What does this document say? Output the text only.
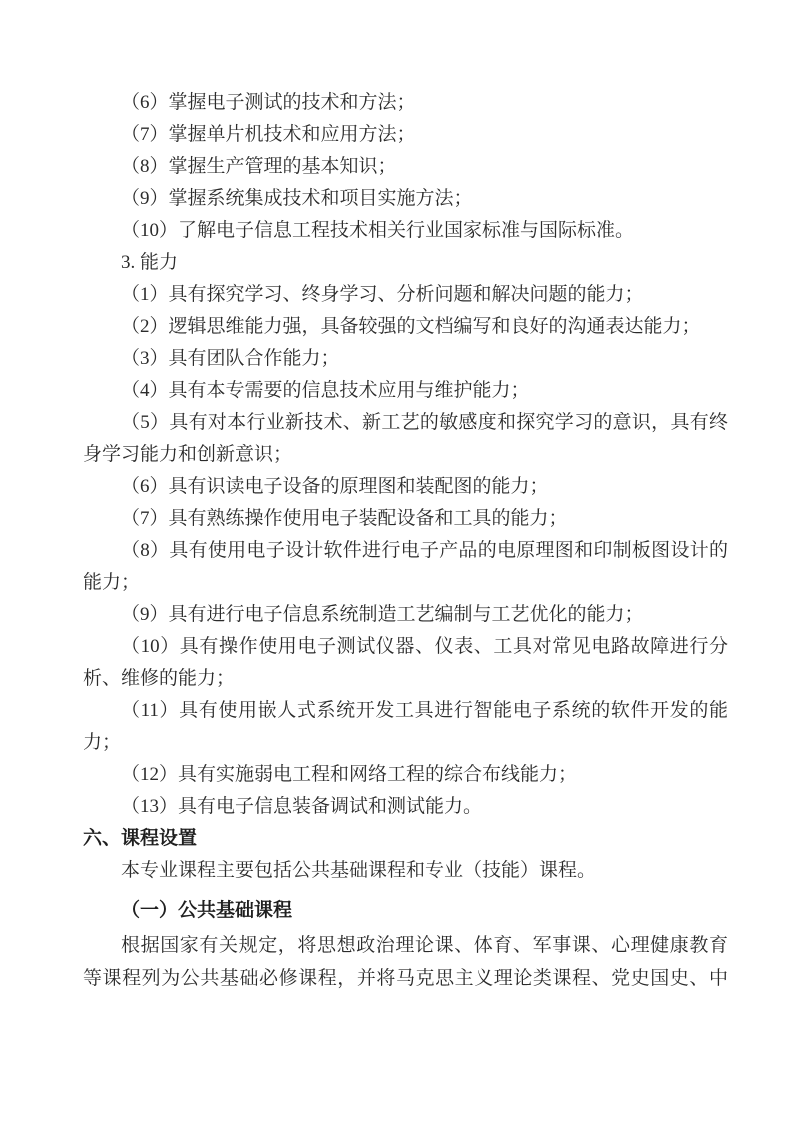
（6）掌握电子测试的技术和方法；

（7）掌握单片机技术和应用方法；

（8）掌握生产管理的基本知识；

（9）掌握系统集成技术和项目实施方法；

（10）了解电子信息工程技术相关行业国家标准与国际标准。

3. 能力

（1）具有探究学习、终身学习、分析问题和解决问题的能力；

（2）逻辑思维能力强，具备较强的文档编写和良好的沟通表达能力；

（3）具有团队合作能力；

（4）具有本专需要的信息技术应用与维护能力；

（5）具有对本行业新技术、新工艺的敏感度和探究学习的意识，具有终身学习能力和创新意识；

（6）具有识读电子设备的原理图和装配图的能力；

（7）具有熟练操作使用电子装配设备和工具的能力；

（8）具有使用电子设计软件进行电子产品的电原理图和印制板图设计的能力；

（9）具有进行电子信息系统制造工艺编制与工艺优化的能力；

（10）具有操作使用电子测试仪器、仪表、工具对常见电路故障进行分析、维修的能力；

（11）具有使用嵌人式系统开发工具进行智能电子系统的软件开发的能力；

（12）具有实施弱电工程和网络工程的综合布线能力；

（13）具有电子信息装备调试和测试能力。

六、课程设置

本专业课程主要包括公共基础课程和专业（技能）课程。

（一）公共基础课程

根据国家有关规定，将思想政治理论课、体育、军事课、心理健康教育等课程列为公共基础必修课程，并将马克思主义理论类课程、党史国史、中
